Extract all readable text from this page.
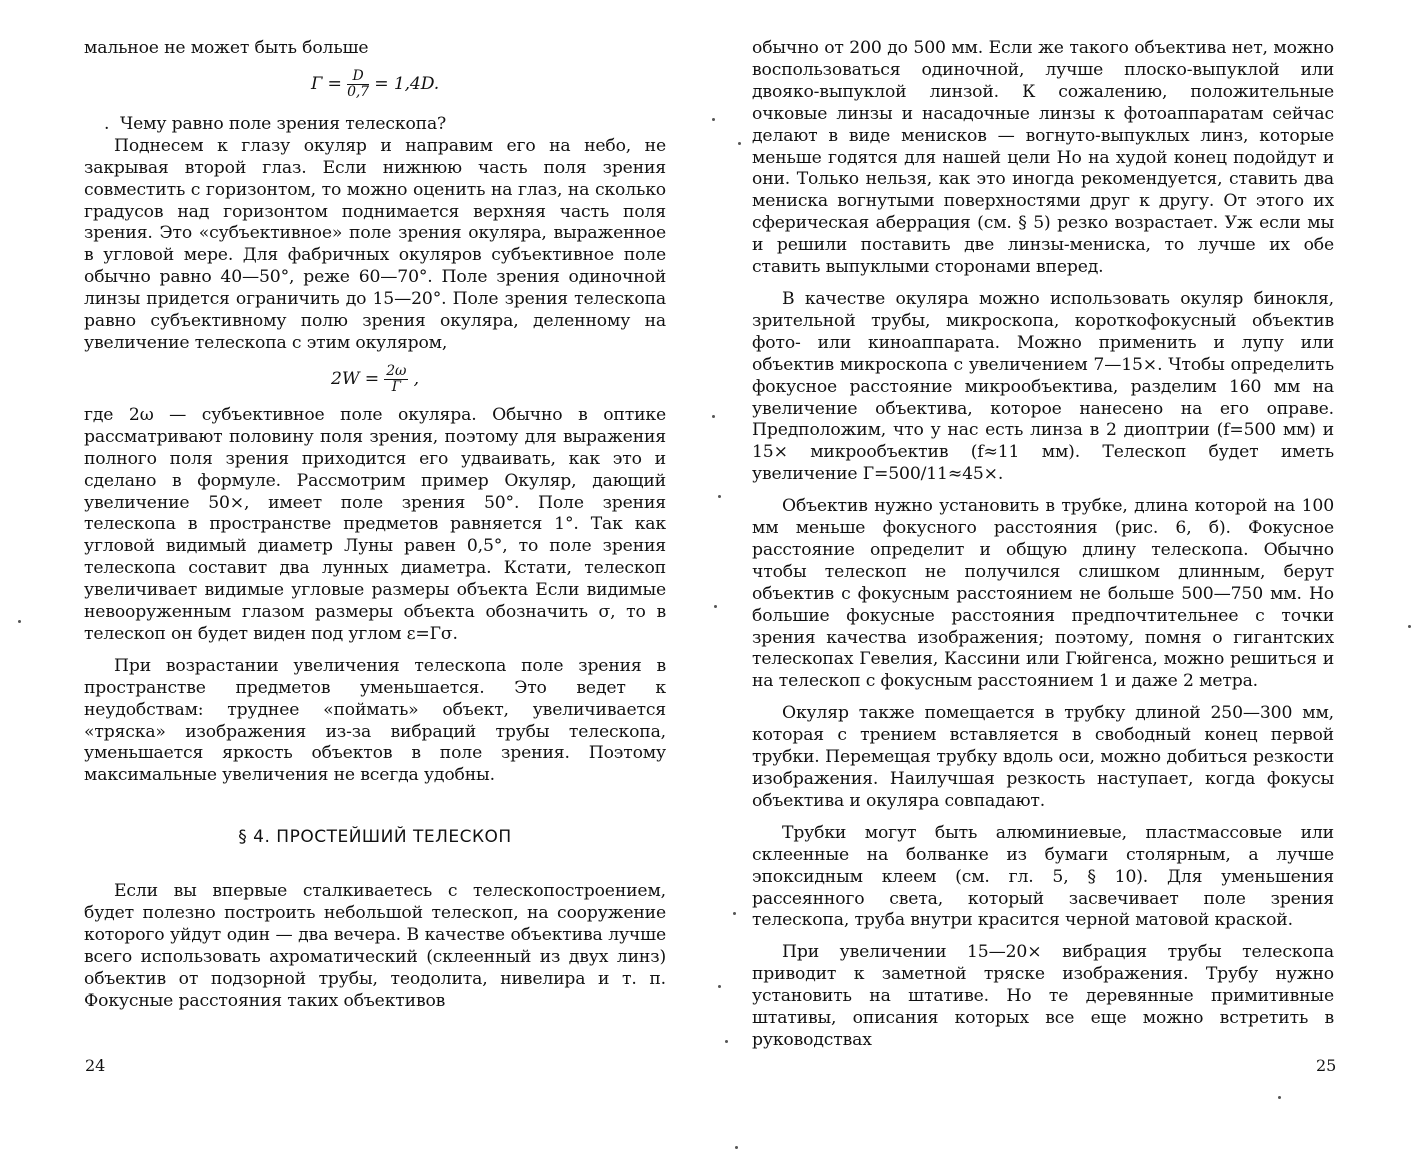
мальное не может быть больше

$Г = \frac{D}{0,7} = 1,4D$.

.  Чему равно поле зрения телескопа?

Поднесем к глазу окуляр и направим его на небо, не закрывая второй глаз. Если нижнюю часть поля зрения совместить с горизонтом, то можно оценить на глаз, на сколько градусов над горизонтом поднимается верхняя часть поля зрения. Это «субъективное» поле зрения окуляра, выраженное в угловой мере. Для фабричных окуляров субъективное поле обычно равно 40—50°, реже 60—70°. Поле зрения одиночной линзы придется ограничить до 15—20°. Поле зрения телескопа равно субъективному полю зрения окуляра, деленному на увеличение телескопа с этим окуляром,

$2W = \frac{2\omega}{Г}$ ,

где 2ω — субъективное поле окуляра. Обычно в оптике рассматривают половину поля зрения, поэтому для выражения полного поля зрения приходится его удваивать, как это и сделано в формуле. Рассмотрим пример Окуляр, дающий увеличение 50×, имеет поле зрения 50°. Поле зрения телескопа в пространстве предметов равняется 1°. Так как угловой видимый диаметр Луны равен 0,5°, то поле зрения телескопа составит два лунных диаметра. Кстати, телескоп увеличивает видимые угловые размеры объекта Если видимые невооруженным глазом размеры объекта обозначить σ, то в телескоп он будет виден под углом ε=Гσ.

При возрастании увеличения телескопа поле зрения в пространстве предметов уменьшается. Это ведет к неудобствам: труднее «поймать» объект, увеличивается «тряска» изображения из-за вибраций трубы телескопа, уменьшается яркость объектов в поле зрения. Поэтому максимальные увеличения не всегда удобны.

§ 4. ПРОСТЕЙШИЙ ТЕЛЕСКОП

Если вы впервые сталкиваетесь с телескопостроением, будет полезно построить небольшой телескоп, на сооружение которого уйдут один — два вечера. В качестве объектива лучше всего использовать ахроматический (склеенный из двух линз) объектив от подзорной трубы, теодолита, нивелира и т. п. Фокусные расстояния таких объективов

24

обычно от 200 до 500 мм. Если же такого объектива нет, можно воспользоваться одиночной, лучше плоско-выпуклой или двояко-выпуклой линзой. К сожалению, положительные очковые линзы и насадочные линзы к фотоаппаратам сейчас делают в виде менисков — вогнуто-выпуклых линз, которые меньше годятся для нашей цели Но на худой конец подойдут и они. Только нельзя, как это иногда рекомендуется, ставить два мениска вогнутыми поверхностями друг к другу. От этого их сферическая аберрация (см. § 5) резко возрастает. Уж если мы и решили поставить две линзы-мениска, то лучше их обе ставить выпуклыми сторонами вперед.

В качестве окуляра можно использовать окуляр бинокля, зрительной трубы, микроскопа, короткофокусный объектив фото- или киноаппарата. Можно применить и лупу или объектив микроскопа с увеличением 7—15×. Чтобы определить фокусное расстояние микрообъектива, разделим 160 мм на увеличение объектива, которое нанесено на его оправе. Предположим, что у нас есть линза в 2 диоптрии (f=500 мм) и 15× микрообъектив (f≈11 мм). Телескоп будет иметь увеличение Г=500/11≈45×.

Объектив нужно установить в трубке, длина которой на 100 мм меньше фокусного расстояния (рис. 6, б). Фокусное расстояние определит и общую длину телескопа. Обычно чтобы телескоп не получился слишком длинным, берут объектив с фокусным расстоянием не больше 500—750 мм. Но большие фокусные расстояния предпочтительнее с точки зрения качества изображения; поэтому, помня о гигантских телескопах Гевелия, Кассини или Гюйгенса, можно решиться и на телескоп с фокусным расстоянием 1 и даже 2 метра.

Окуляр также помещается в трубку длиной 250—300 мм, которая с трением вставляется в свободный конец первой трубки. Перемещая трубку вдоль оси, можно добиться резкости изображения. Наилучшая резкость наступает, когда фокусы объектива и окуляра совпадают.

Трубки могут быть алюминиевые, пластмассовые или склеенные на болванке из бумаги столярным, а лучше эпоксидным клеем (см. гл. 5, § 10). Для уменьшения рассеянного света, который засвечивает поле зрения телескопа, труба внутри красится черной матовой краской.

При увеличении 15—20× вибрация трубы телескопа приводит к заметной тряске изображения. Трубу нужно установить на штативе. Но те деревянные примитивные штативы, описания которых все еще можно встретить в руководствах

25
